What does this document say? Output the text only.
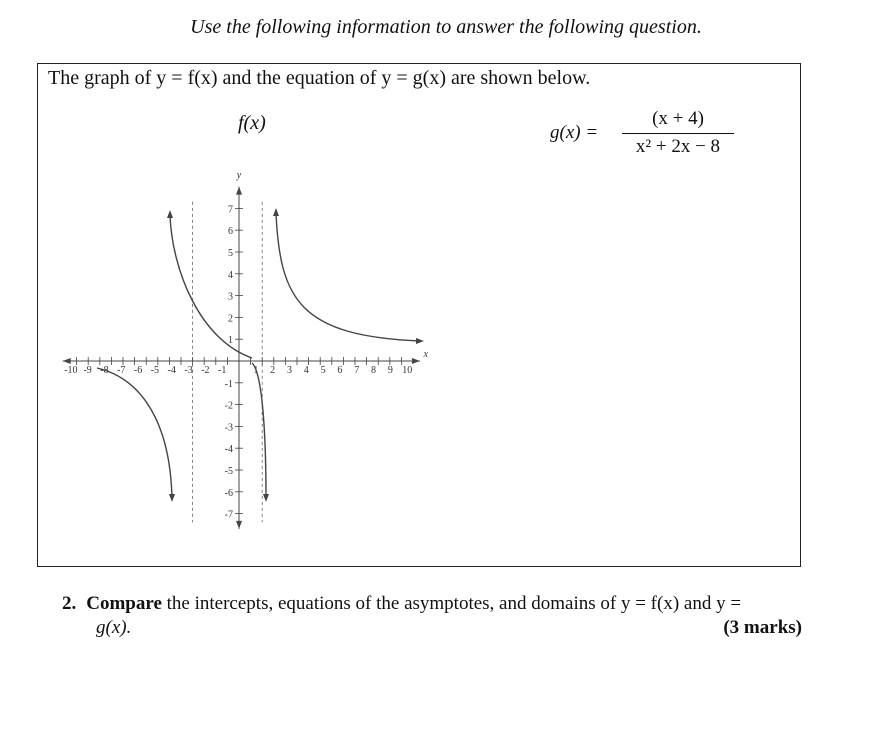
Use the following information to answer the following question.
The graph of y = f(x) and the equation of y = g(x) are shown below.
f(x)	g(x) =
(x + 4)
x² + 2x − 8
-10 -9 -8 -7 -6 -5 -4 -3 -2 -1	1 2 3 4 5 6 7 8 9 10
1
2
3
4
5
6
7
-1
-2
-3
-4
-5
-6
-7
x
y
2. Compare the intercepts, equations of the asymptotes, and domains of y = f(x) and y =
g(x).	(3 marks)
